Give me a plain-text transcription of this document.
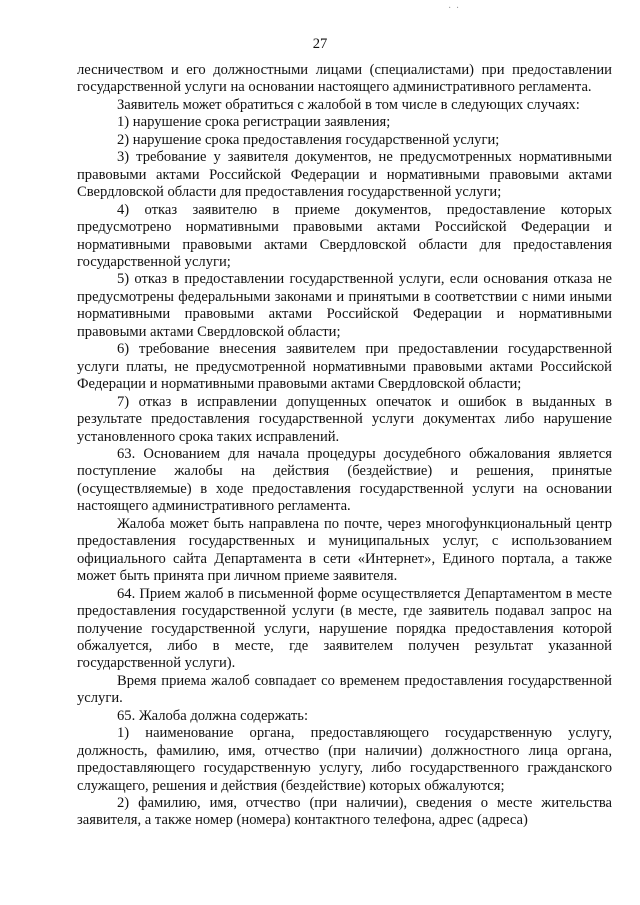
· ·
27

лесничеством и его должностными лицами (специалистами) при предоставлении государственной услуги на основании настоящего административного регламента.

Заявитель может обратиться с жалобой в том числе в следующих случаях:

1) нарушение срока регистрации заявления;

2) нарушение срока предоставления государственной услуги;

3) требование у заявителя документов, не предусмотренных нормативными правовыми актами Российской Федерации и нормативными правовыми актами Свердловской области для предоставления государственной услуги;

4) отказ заявителю в приеме документов, предоставление которых предусмотрено нормативными правовыми актами Российской Федерации и нормативными правовыми актами Свердловской области для предоставления государственной услуги;

5) отказ в предоставлении государственной услуги, если основания отказа не предусмотрены федеральными законами и принятыми в соответствии с ними иными нормативными правовыми актами Российской Федерации и нормативными правовыми актами Свердловской области;

6) требование внесения заявителем при предоставлении государственной услуги платы, не предусмотренной нормативными правовыми актами Российской Федерации и нормативными правовыми актами Свердловской области;

7) отказ в исправлении допущенных опечаток и ошибок в выданных в результате предоставления государственной услуги документах либо нарушение установленного срока таких исправлений.

63. Основанием для начала процедуры досудебного обжалования является поступление жалобы на действия (бездействие) и решения, принятые (осуществляемые) в ходе предоставления государственной услуги на основании настоящего административного регламента.

Жалоба может быть направлена по почте, через многофункциональный центр предоставления государственных и муниципальных услуг, с использованием официального сайта Департамента в сети «Интернет», Единого портала, а также может быть принята при личном приеме заявителя.

64. Прием жалоб в письменной форме осуществляется Департаментом в месте предоставления государственной услуги (в месте, где заявитель подавал запрос на получение государственной услуги, нарушение порядка предоставления которой обжалуется, либо в месте, где заявителем получен результат указанной государственной услуги).

Время приема жалоб совпадает со временем предоставления государственной услуги.

65. Жалоба должна содержать:

1) наименование органа, предоставляющего государственную услугу, должность, фамилию, имя, отчество (при наличии) должностного лица органа, предоставляющего государственную услугу, либо государственного гражданского служащего, решения и действия (бездействие) которых обжалуются;

2) фамилию, имя, отчество (при наличии), сведения о месте жительства заявителя, а также номер (номера) контактного телефона, адрес (адреса)
